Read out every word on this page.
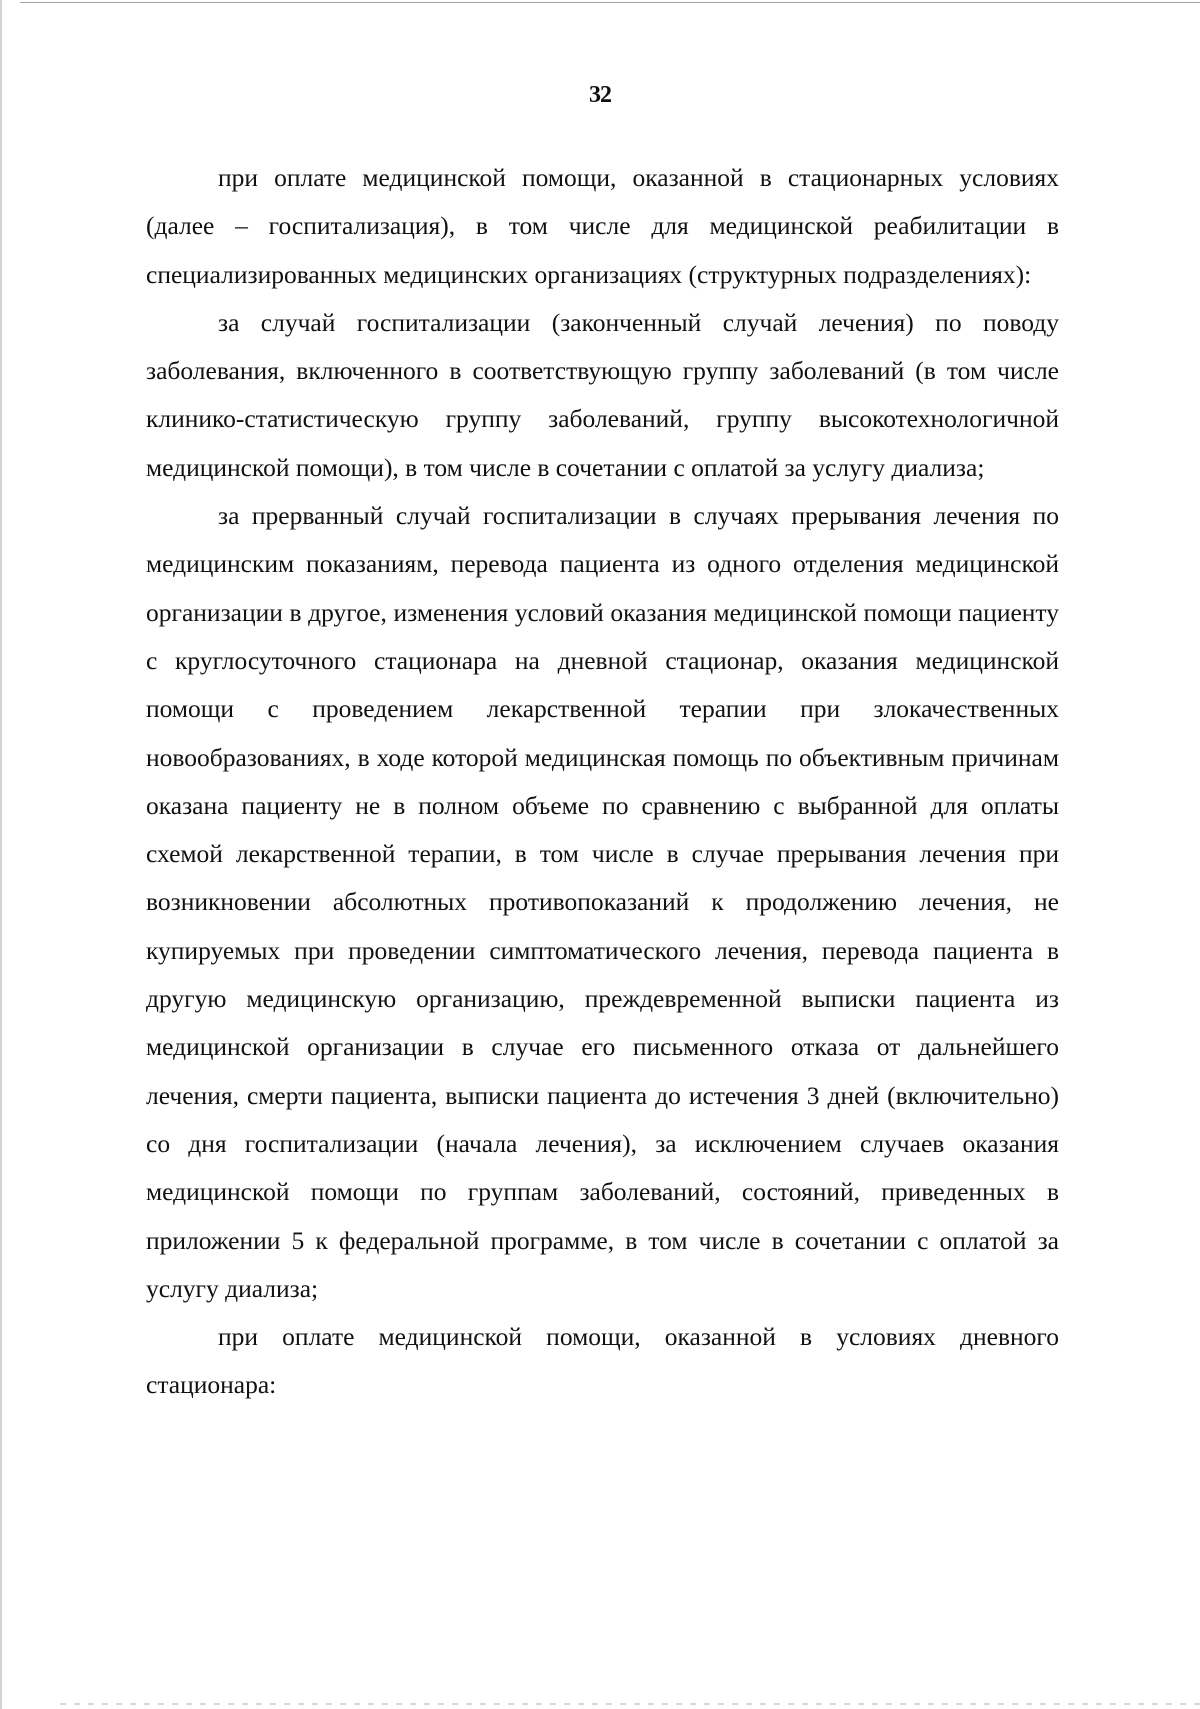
32

при оплате медицинской помощи, оказанной в стационарных условиях (далее – госпитализация), в том числе для медицинской реабилитации в специализированных медицинских организациях (структурных подразделениях):

за случай госпитализации (законченный случай лечения) по поводу заболевания, включенного в соответствующую группу заболеваний (в том числе клинико-статистическую группу заболеваний, группу высокотехнологичной медицинской помощи), в том числе в сочетании с оплатой за услугу диализа;

за прерванный случай госпитализации в случаях прерывания лечения по медицинским показаниям, перевода пациента из одного отделения медицинской организации в другое, изменения условий оказания медицинской помощи пациенту с круглосуточного стационара на дневной стационар, оказания медицинской помощи с проведением лекарственной терапии при злокачественных новообразованиях, в ходе которой медицинская помощь по объективным причинам оказана пациенту не в полном объеме по сравнению с выбранной для оплаты схемой лекарственной терапии, в том числе в случае прерывания лечения при возникновении абсолютных противопоказаний к продолжению лечения, не купируемых при проведении симптоматического лечения, перевода пациента в другую медицинскую организацию, преждевременной выписки пациента из медицинской организации в случае его письменного отказа от дальнейшего лечения, смерти пациента, выписки пациента до истечения 3 дней (включительно) со дня госпитализации (начала лечения), за исключением случаев оказания медицинской помощи по группам заболеваний, состояний, приведенных в приложении 5 к федеральной программе, в том числе в сочетании с оплатой за услугу диализа;

при оплате медицинской помощи, оказанной в условиях дневного стационара:
